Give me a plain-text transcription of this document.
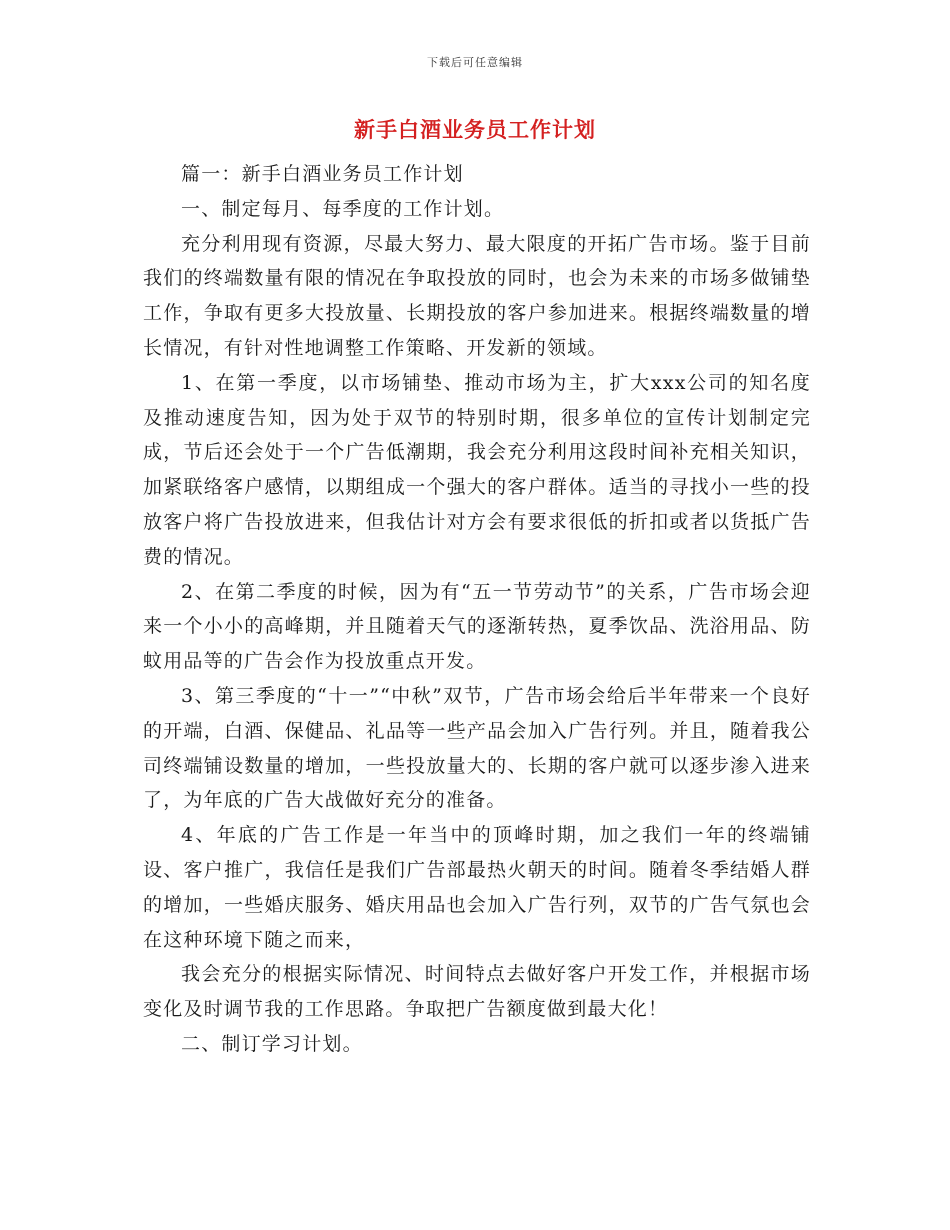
下载后可任意编辑
新手白酒业务员工作计划

篇一：新手白酒业务员工作计划

一、制定每月、每季度的工作计划。

充分利用现有资源，尽最大努力、最大限度的开拓广告市场。鉴于目前我们的终端数量有限的情况在争取投放的同时，也会为未来的市场多做铺垫工作，争取有更多大投放量、长期投放的客户参加进来。根据终端数量的增长情况，有针对性地调整工作策略、开发新的领域。

1、在第一季度，以市场铺垫、推动市场为主，扩大xxx公司的知名度及推动速度告知，因为处于双节的特别时期，很多单位的宣传计划制定完成，节后还会处于一个广告低潮期，我会充分利用这段时间补充相关知识，加紧联络客户感情，以期组成一个强大的客户群体。适当的寻找小一些的投放客户将广告投放进来，但我估计对方会有要求很低的折扣或者以货抵广告费的情况。

2、在第二季度的时候，因为有“五一节劳动节”的关系，广告市场会迎来一个小小的高峰期，并且随着天气的逐渐转热，夏季饮品、洗浴用品、防蚊用品等的广告会作为投放重点开发。

3、第三季度的“十一”“中秋”双节，广告市场会给后半年带来一个良好的开端，白酒、保健品、礼品等一些产品会加入广告行列。并且，随着我公司终端铺设数量的增加，一些投放量大的、长期的客户就可以逐步渗入进来了，为年底的广告大战做好充分的准备。

4、年底的广告工作是一年当中的顶峰时期，加之我们一年的终端铺设、客户推广，我信任是我们广告部最热火朝天的时间。随着冬季结婚人群的增加，一些婚庆服务、婚庆用品也会加入广告行列，双节的广告气氛也会在这种环境下随之而来，

我会充分的根据实际情况、时间特点去做好客户开发工作，并根据市场变化及时调节我的工作思路。争取把广告额度做到最大化！

二、制订学习计划。
